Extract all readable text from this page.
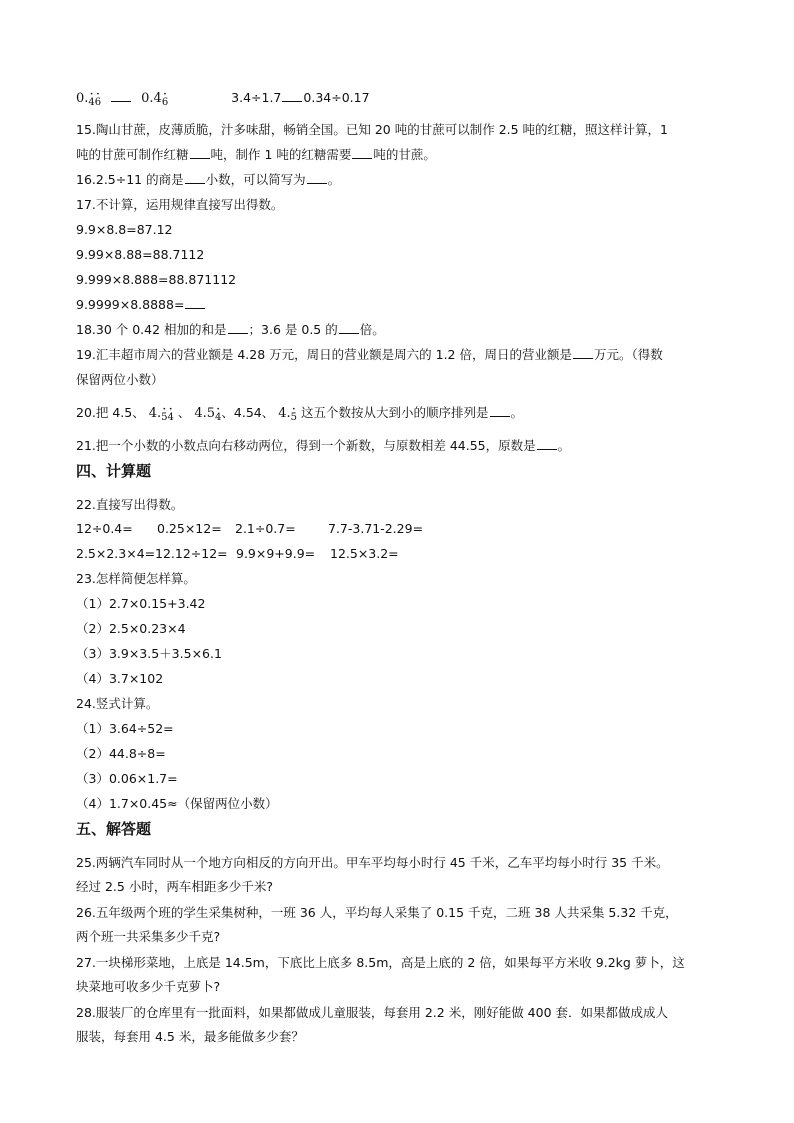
0.· 4· 6	0.4· 6	3.4÷1.7 0.34÷0.17
15.陶山甘蔗，皮薄质脆，汁多味甜，畅销全国。已知 20 吨的甘蔗可以制作 2.5 吨的红糖，照这样计算，1
吨的甘蔗可制作红糖 吨，制作 1 吨的红糖需要 吨的甘蔗。
16.2.5÷11 的商是 小数，可以简写为 。
17.不计算，运用规律直接写出得数。
9.9×8.8=87.12
9.99×8.88=88.7112
9.999×8.888=88.871112
9.9999×8.8888=
18.30 个 0.42 相加的和是 ；3.6 是 0.5 的 倍。
19.汇丰超市周六的营业额是 4.28 万元，周日的营业额是周六的 1.2 倍，周日的营业额是 万元。（得数
保留两位小数）
20.把 4.5、 4.· 5· 4 、 4.5· 4、4.54、 4.· 5 这五个数按从大到小的顺序排列是 。
21.把一个小数的小数点向右移动两位，得到一个新数，与原数相差 44.55，原数是 。
四、计算题
22.直接写出得数。
12÷0.4= 0.25×12= 2.1÷0.7=	7.7-3.71-2.29=
2.5×2.3×4= 12.12÷12= 9.9×9+9.9= 12.5×3.2=
23.怎样简便怎样算。
（1）2.7×0.15+3.42
（2）2.5×0.23×4
（3）3.9×3.5＋3.5×6.1
（4）3.7×102
24.竖式计算。
（1）3.64÷52=
（2）44.8÷8=
（3）0.06×1.7=
（4）1.7×0.45≈（保留两位小数）
五、解答题
25.两辆汽车同时从一个地方向相反的方向开出。甲车平均每小时行 45 千米，乙车平均每小时行 35 千米。
经过 2.5 小时，两车相距多少千米?
26.五年级两个班的学生采集树种，一班 36 人，平均每人采集了 0.15 千克，二班 38 人共采集 5.32 千克，
两个班一共采集多少千克?
27.一块梯形菜地，上底是 14.5m，下底比上底多 8.5m，高是上底的 2 倍，如果每平方米收 9.2kg 萝卜，这
块菜地可收多少千克萝卜?
28.服装厂的仓库里有一批面料，如果都做成儿童服装，每套用 2.2 米，刚好能做 400 套．如果都做成成人
服装，每套用 4.5 米，最多能做多少套？
